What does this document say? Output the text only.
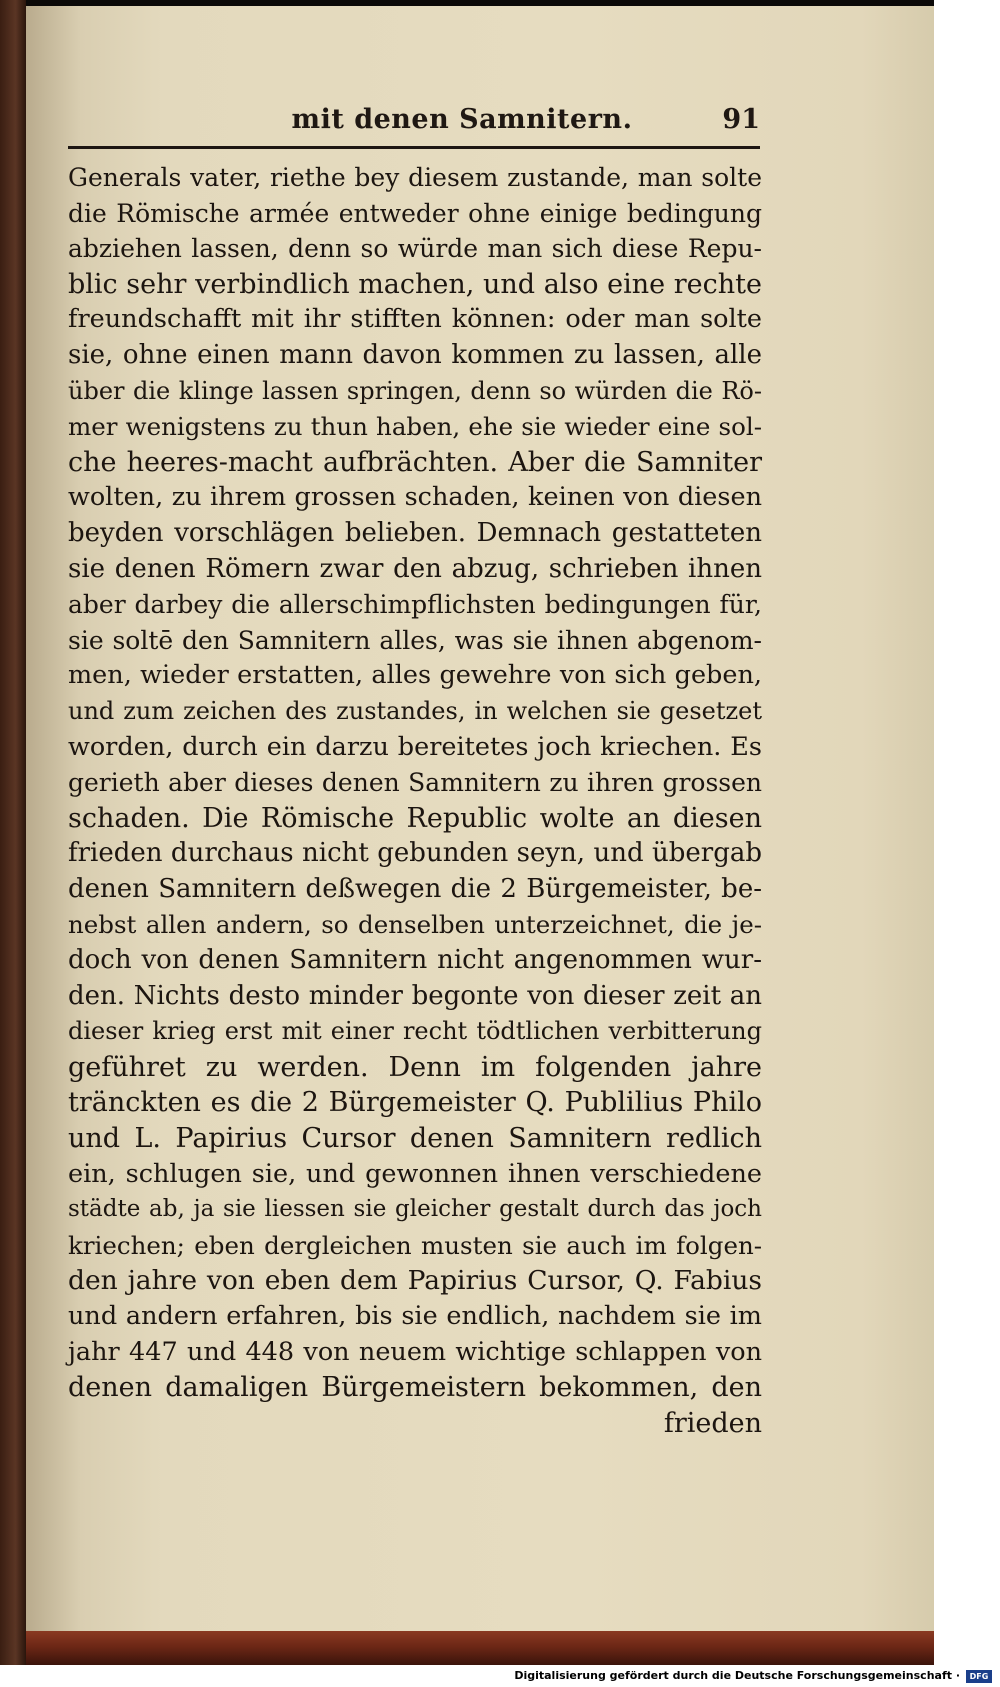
mit denen Samnitern.	91
Generals vater, riethe bey diesem zustande, man solte
die Römische armée entweder ohne einige bedingung
abziehen lassen, denn so würde man sich diese Repu-
blic sehr verbindlich machen, und also eine rechte
freundschafft mit ihr stifften können: oder man solte
sie, ohne einen mann davon kommen zu lassen, alle
über die klinge lassen springen, denn so würden die Rö-
mer wenigstens zu thun haben, ehe sie wieder eine sol-
che heeres-macht aufbrächten. Aber die Samniter
wolten, zu ihrem grossen schaden, keinen von diesen
beyden vorschlägen belieben. Demnach gestatteten
sie denen Römern zwar den abzug, schrieben ihnen
aber darbey die allerschimpflichsten bedingungen für,
sie soltē den Samnitern alles, was sie ihnen abgenom-
men, wieder erstatten, alles gewehre von sich geben,
und zum zeichen des zustandes, in welchen sie gesetzet
worden, durch ein darzu bereitetes joch kriechen. Es
gerieth aber dieses denen Samnitern zu ihren grossen
schaden. Die Römische Republic wolte an diesen
frieden durchaus nicht gebunden seyn, und übergab
denen Samnitern deßwegen die 2 Bürgemeister, be-
nebst allen andern, so denselben unterzeichnet, die je-
doch von denen Samnitern nicht angenommen wur-
den. Nichts desto minder begonte von dieser zeit an
dieser krieg erst mit einer recht tödtlichen verbitterung
geführet zu werden. Denn im folgenden jahre
tränckten es die 2 Bürgemeister Q. Publilius Philo
und L. Papirius Cursor denen Samnitern redlich
ein, schlugen sie, und gewonnen ihnen verschiedene
städte ab, ja sie liessen sie gleicher gestalt durch das joch
kriechen; eben dergleichen musten sie auch im folgen-
den jahre von eben dem Papirius Cursor, Q. Fabius
und andern erfahren, bis sie endlich, nachdem sie im
jahr 447 und 448 von neuem wichtige schlappen von
denen damaligen Bürgemeistern bekommen, den
frieden
Digitalisierung gefördert durch die Deutsche Forschungsgemeinschaft ·	DFG
